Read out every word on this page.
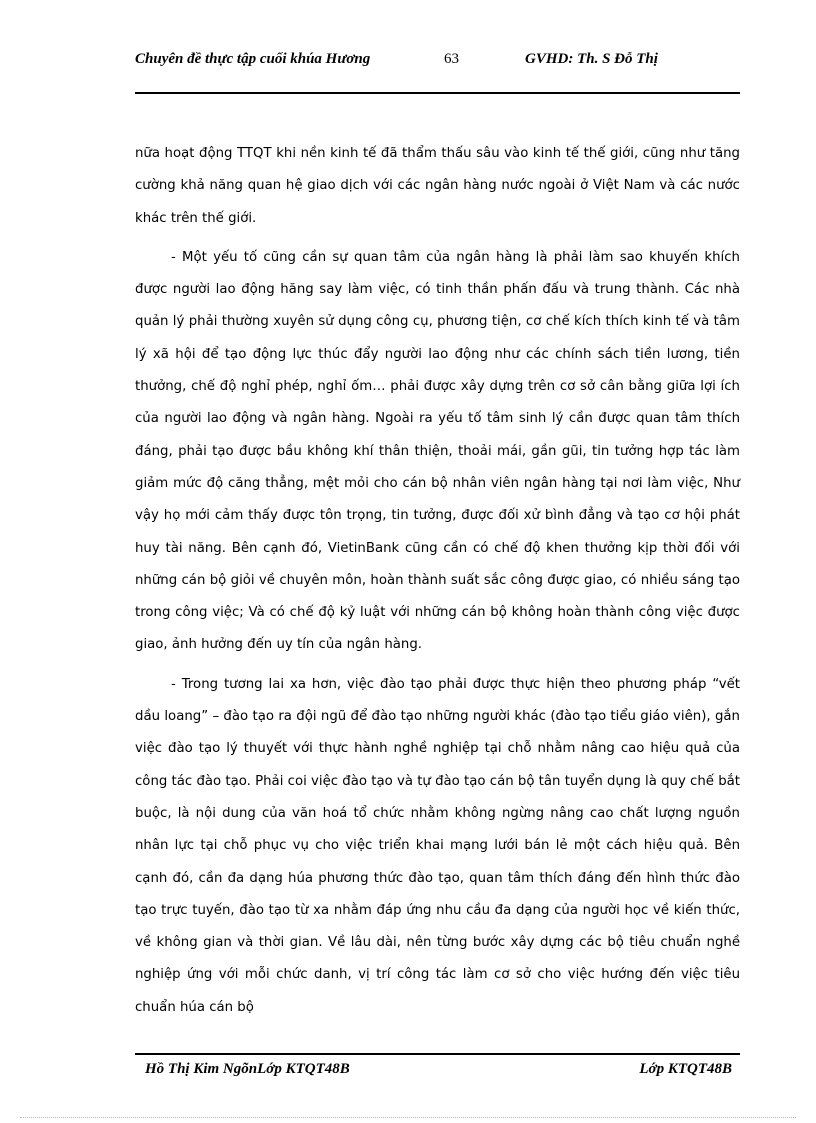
Chuyên đề thực tập cuối khúa Hương	63	GVHD: Th. S Đỗ Thị

nữa hoạt động TTQT khi nền kinh tế đã thẩm thấu sâu vào kinh tế thế giới, cũng như tăng cường khả năng quan hệ giao dịch với các ngân hàng nước ngoài ở Việt Nam và các nước khác trên thế giới.

- Một yếu tố cũng cần sự quan tâm của ngân hàng là phải làm sao khuyến khích được người lao động hăng say làm việc, có tinh thần phấn đấu và trung thành. Các nhà quản lý phải thường xuyên sử dụng công cụ, phương tiện, cơ chế kích thích kinh tế và tâm lý xã hội để tạo động lực thúc đẩy người lao động như các chính sách tiền lương, tiền thưởng, chế độ nghỉ phép, nghỉ ốm… phải được xây dựng trên cơ sở cân bằng giữa lợi ích của người lao động và ngân hàng. Ngoài ra yếu tố tâm sinh lý cần được quan tâm thích đáng, phải tạo được bầu không khí thân thiện, thoải mái, gần gũi, tin tưởng hợp tác làm giảm mức độ căng thẳng, mệt mỏi cho cán bộ nhân viên ngân hàng tại nơi làm việc, Như vậy họ mới cảm thấy được tôn trọng, tin tưởng, được đối xử bình đẳng và tạo cơ hội phát huy tài năng. Bên cạnh đó, VietinBank cũng cần có chế độ khen thưởng kịp thời đối với những cán bộ giỏi về chuyên môn, hoàn thành suất sắc công được giao, có nhiều sáng tạo trong công việc; Và có chế độ kỷ luật với những cán bộ không hoàn thành công việc được giao, ảnh hưởng đến uy tín của ngân hàng.

- Trong tương lai xa hơn, việc đào tạo phải được thực hiện theo phương pháp “vết dầu loang” – đào tạo ra đội ngũ để đào tạo những người khác (đào tạo tiểu giáo viên), gắn việc đào tạo lý thuyết với thực hành nghề nghiệp tại chỗ nhằm nâng cao hiệu quả của công tác đào tạo. Phải coi việc đào tạo và tự đào tạo cán bộ tân tuyển dụng là quy chế bắt buộc, là nội dung của văn hoá tổ chức nhằm không ngừng nâng cao chất lượng nguồn nhân lực tại chỗ phục vụ cho việc triển khai mạng lưới bán lẻ một cách hiệu quả. Bên cạnh đó, cần đa dạng húa phương thức đào tạo, quan tâm thích đáng đến hình thức đào tạo trực tuyến, đào tạo từ xa nhằm đáp ứng nhu cầu đa dạng của người học về kiến thức, về không gian và thời gian. Về lâu dài, nên từng bước xây dựng các bộ tiêu chuẩn nghề nghiệp ứng với mỗi chức danh, vị trí công tác làm cơ sở cho việc hướng đến việc tiêu chuẩn húa cán bộ

Hồ Thị Kim NgõnLớp KTQT48B	Lớp KTQT48B
